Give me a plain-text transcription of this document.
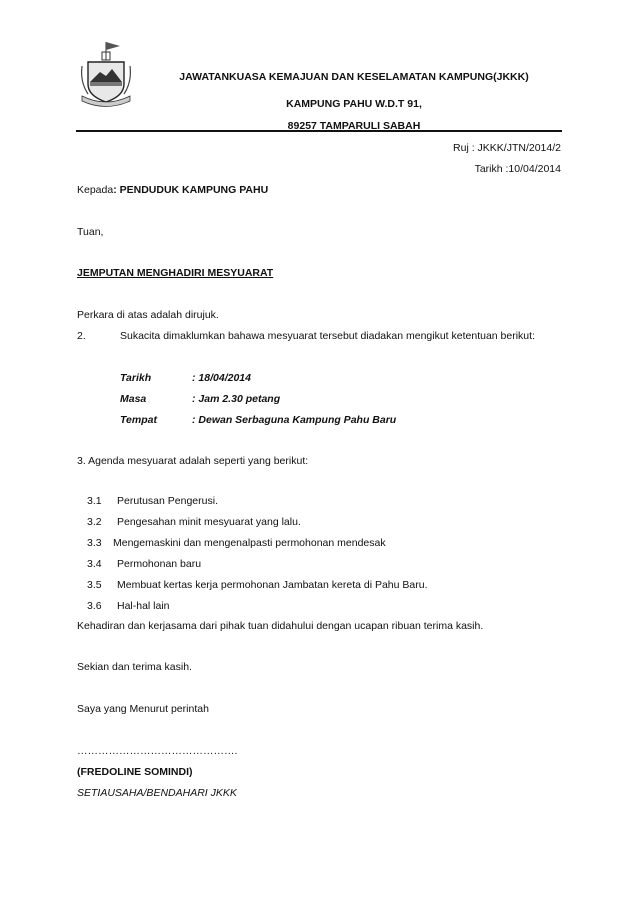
JAWATANKUASA KEMAJUAN DAN KESELAMATAN KAMPUNG(JKKK)
KAMPUNG PAHU W.D.T 91,
89257 TAMPARULI SABAH
Ruj : JKKK/JTN/2014/2
Tarikh :10/04/2014
Kepada: PENDUDUK KAMPUNG PAHU
Tuan,
JEMPUTAN MENGHADIRI MESYUARAT
Perkara di atas adalah dirujuk.
2.	Sukacita dimaklumkan bahawa mesyuarat tersebut diadakan mengikut ketentuan berikut:
Tarikh	: 18/04/2014
Masa	: Jam 2.30 petang
Tempat	: Dewan Serbaguna Kampung Pahu Baru
3. Agenda mesyuarat adalah seperti yang berikut:
3.1 Perutusan Pengerusi.
3.2 Pengesahan minit mesyuarat yang lalu.
3.3 Mengemaskini dan mengenalpasti permohonan mendesak
3.4 Permohonan baru
3.5 Membuat kertas kerja permohonan Jambatan kereta di Pahu Baru.
3.6 Hal-hal lain
Kehadiran dan kerjasama dari pihak tuan didahului dengan ucapan ribuan terima kasih.
Sekian dan terima kasih.
Saya yang Menurut perintah
……………………………………….
(FREDOLINE SOMINDI)
SETIAUSAHA/BENDAHARI JKKK
